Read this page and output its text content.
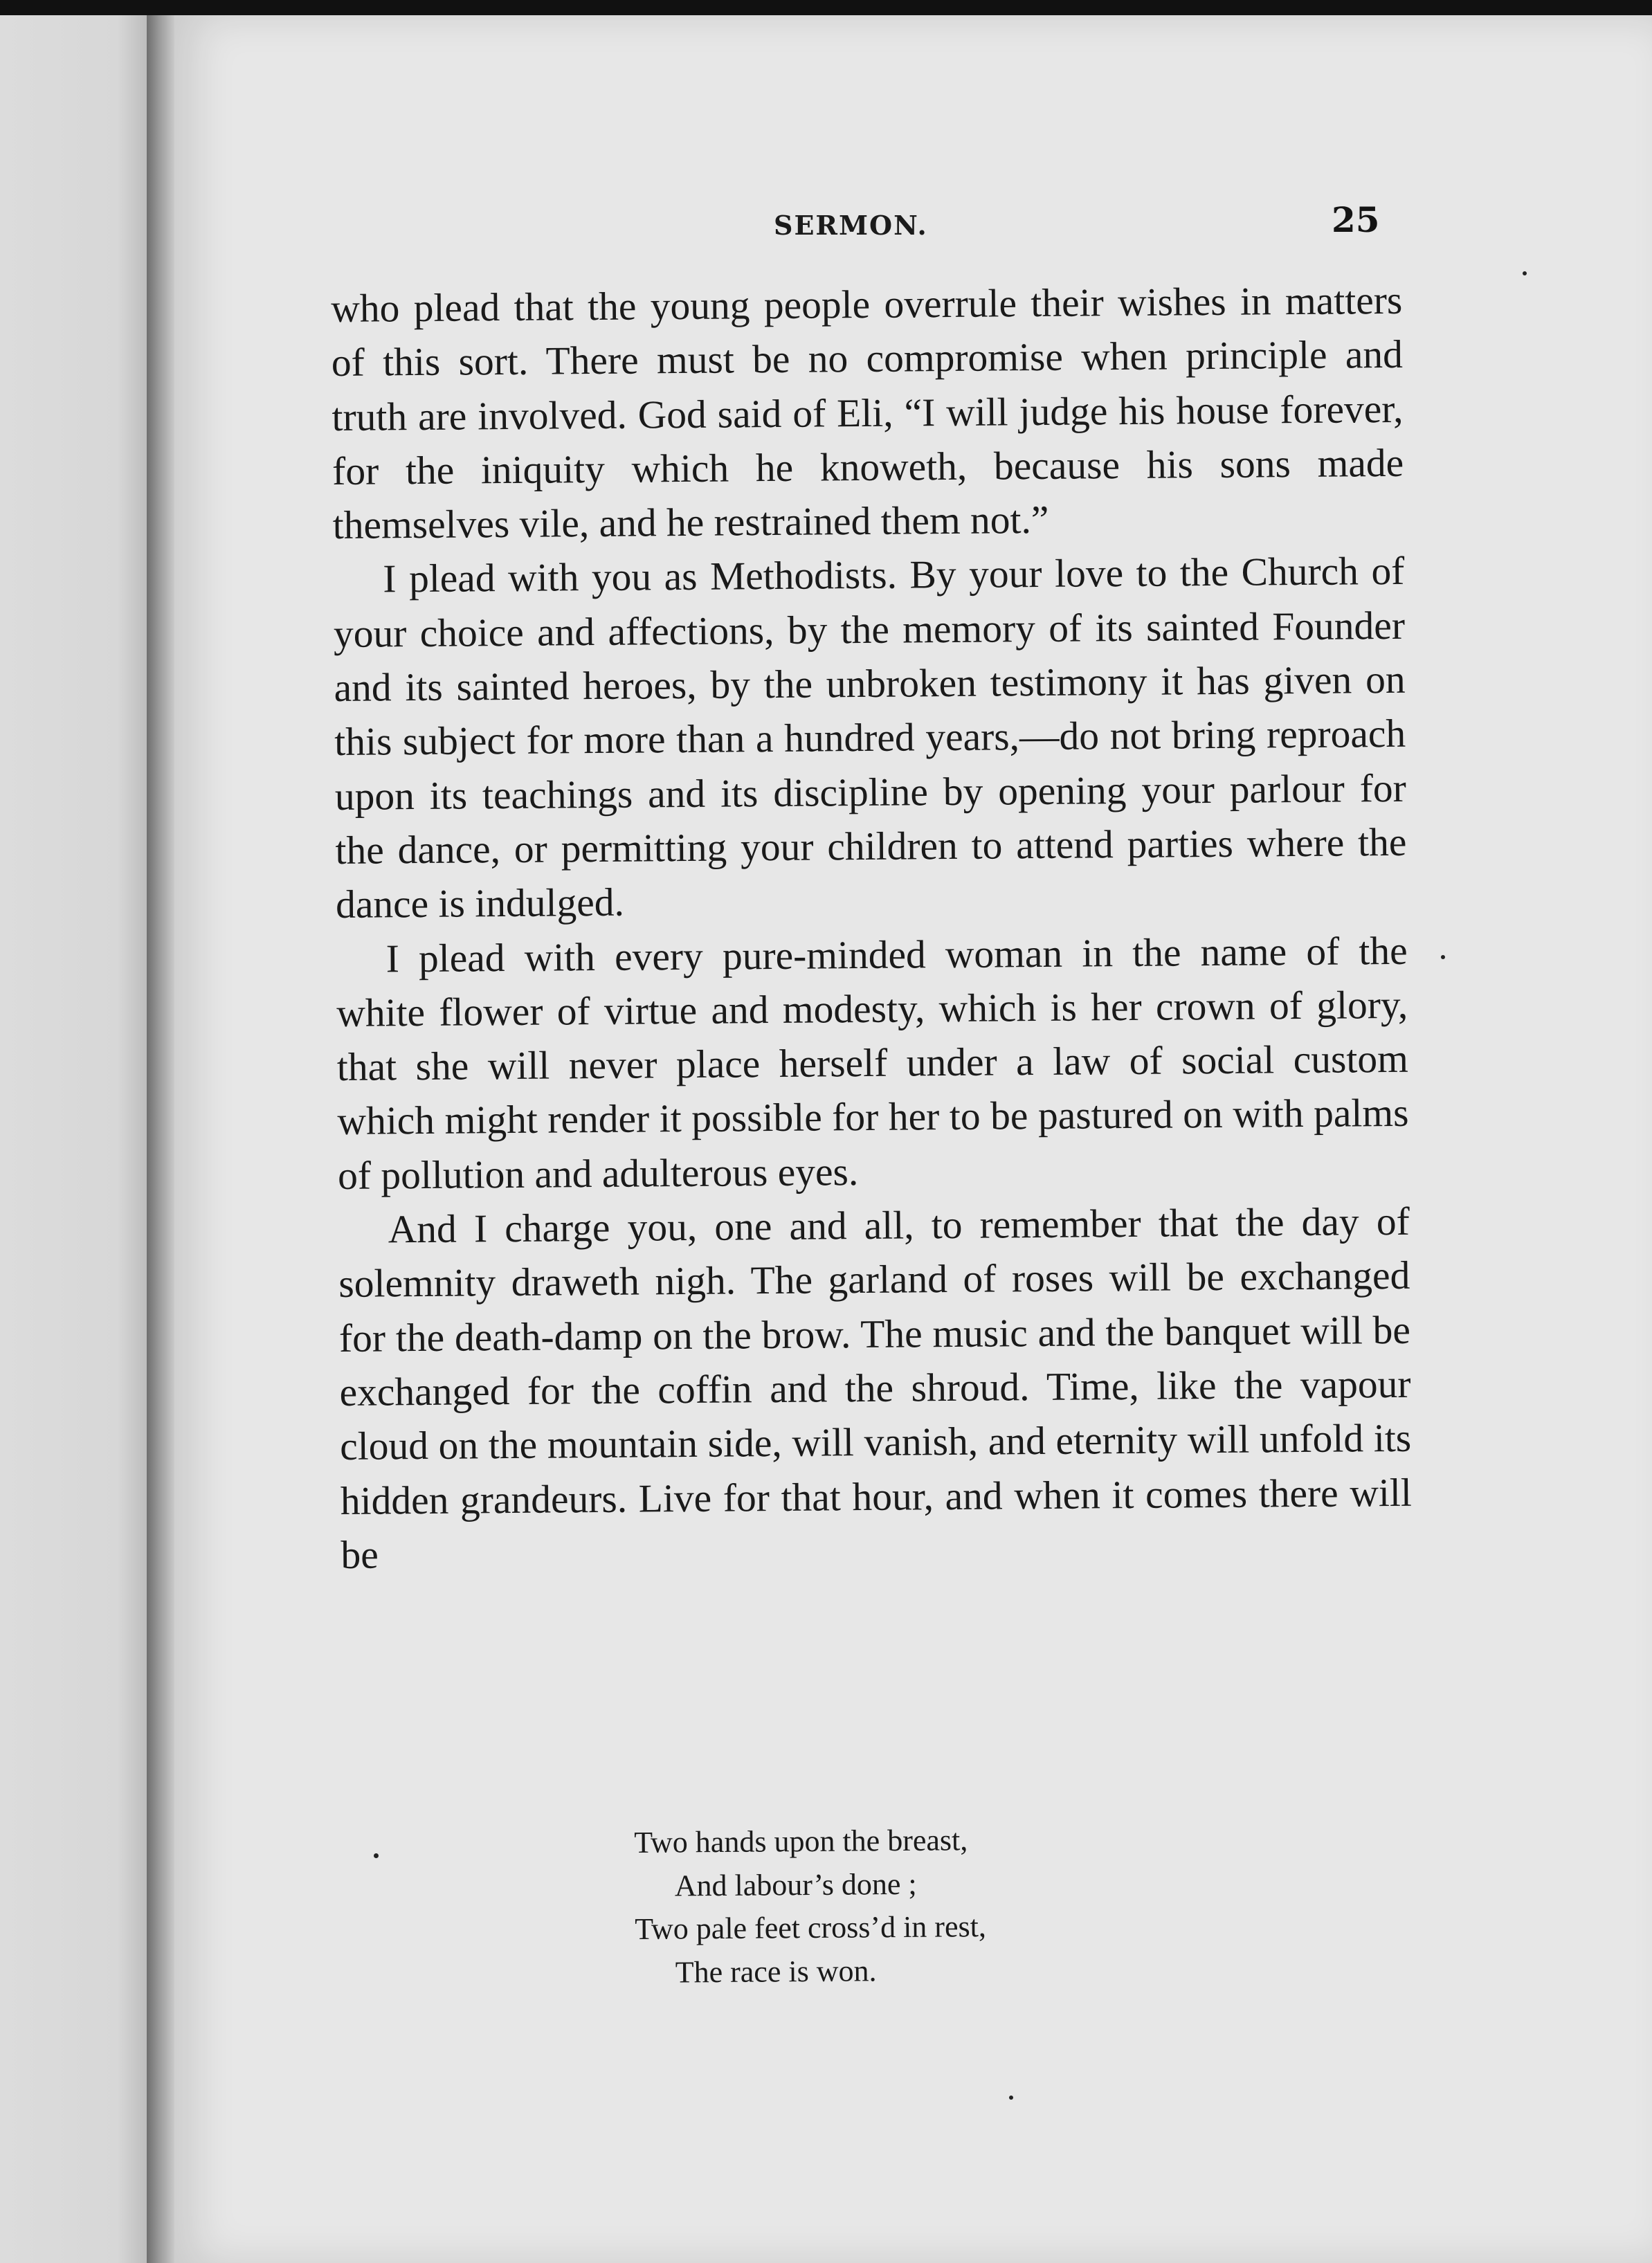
SERMON.	25

who plead that the young people overrule their wishes in matters of this sort. There must be no compromise when principle and truth are involved. God said of Eli, “I will judge his house forever, for the iniquity which he knoweth, because his sons made themselves vile, and he restrained them not.”

I plead with you as Methodists. By your love to the Church of your choice and affections, by the memory of its sainted Founder and its sainted heroes, by the unbroken testimony it has given on this subject for more than a hundred years,—do not bring reproach upon its teachings and its discipline by opening your parlour for the dance, or permitting your children to attend parties where the dance is indulged.

I plead with every pure-minded woman in the name of the white flower of virtue and modesty, which is her crown of glory, that she will never place herself under a law of social custom which might render it possible for her to be pastured on with palms of pollution and adulterous eyes.

And I charge you, one and all, to remember that the day of solemnity draweth nigh. The garland of roses will be exchanged for the death-damp on the brow. The music and the banquet will be exchanged for the coffin and the shroud. Time, like the vapour cloud on the mountain side, will vanish, and eternity will unfold its hidden grandeurs. Live for that hour, and when it comes there will be

Two hands upon the breast,
And labour’s done ;
Two pale feet cross’d in rest,
The race is won.
